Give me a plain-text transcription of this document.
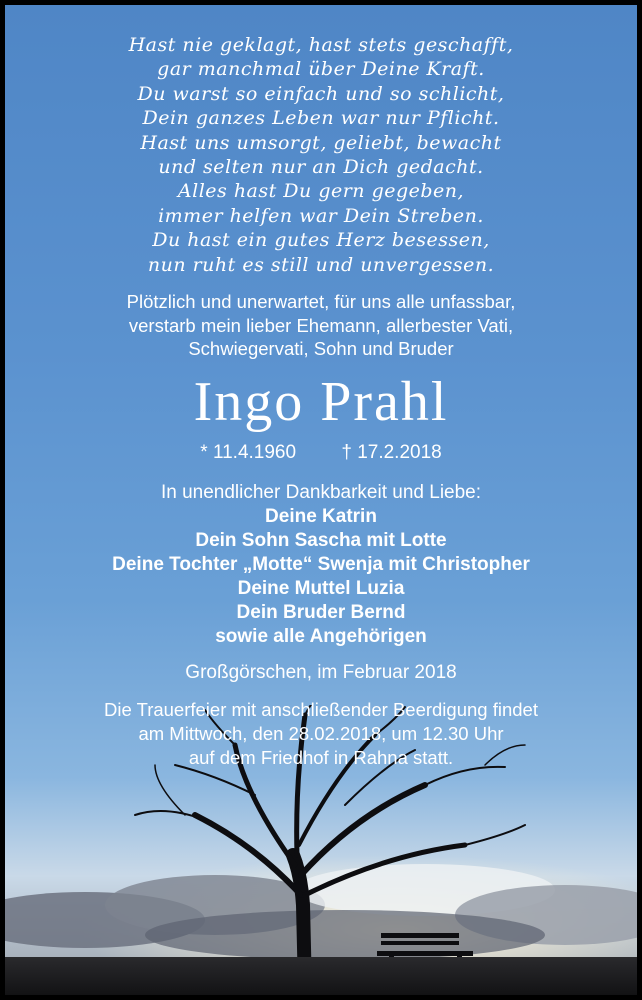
Hast nie geklagt, hast stets geschafft,
gar manchmal über Deine Kraft.
Du warst so einfach und so schlicht,
Dein ganzes Leben war nur Pflicht.
Hast uns umsorgt, geliebt, bewacht
und selten nur an Dich gedacht.
Alles hast Du gern gegeben,
immer helfen war Dein Streben.
Du hast ein gutes Herz besessen,
nun ruht es still und unvergessen.
Plötzlich und unerwartet, für uns alle unfassbar,
verstarb mein lieber Ehemann, allerbester Vati,
Schwiegervati, Sohn und Bruder
Ingo Prahl
* 11.4.1960 † 17.2.2018
In unendlicher Dankbarkeit und Liebe:
Deine Katrin
Dein Sohn Sascha mit Lotte
Deine Tochter „Motte“ Swenja mit Christopher
Deine Muttel Luzia
Dein Bruder Bernd
sowie alle Angehörigen
Großgörschen, im Februar 2018
Die Trauerfeier mit anschließender Beerdigung findet
am Mittwoch, den 28.02.2018, um 12.30 Uhr
auf dem Friedhof in Rahna statt.
